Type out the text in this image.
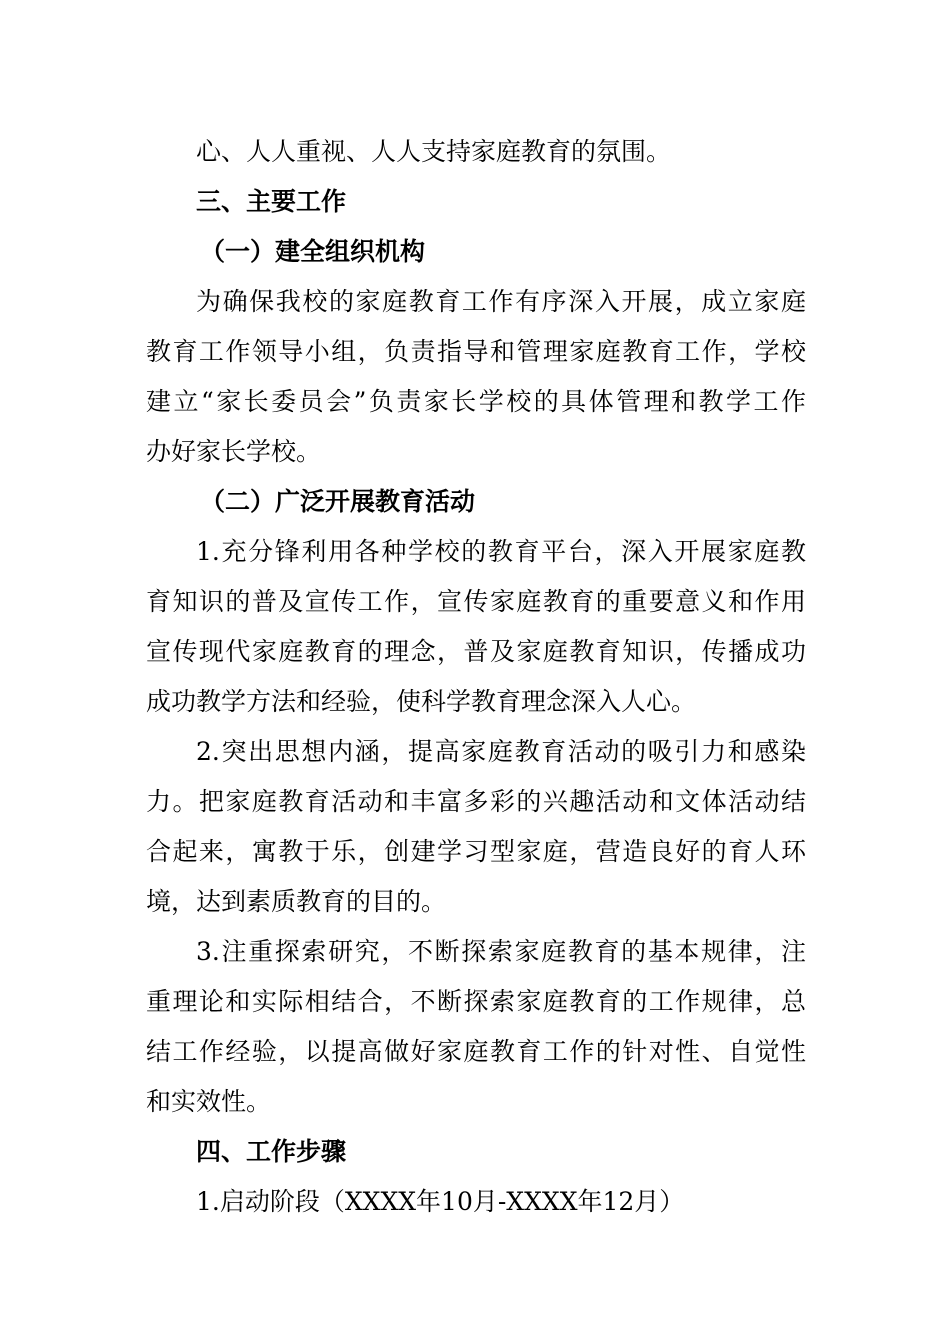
心、人人重视、人人支持家庭教育的氛围。
三、主要工作
（一）建全组织机构
为确保我校的家庭教育工作有序深入开展，成立家庭
教育工作领导小组，负责指导和管理家庭教育工作，学校
建立“家长委员会”负责家长学校的具体管理和教学工作
办好家长学校。
（二）广泛开展教育活动
1.充分锋利用各种学校的教育平台，深入开展家庭教
育知识的普及宣传工作，宣传家庭教育的重要意义和作用
宣传现代家庭教育的理念，普及家庭教育知识，传播成功
成功教学方法和经验，使科学教育理念深入人心。
2.突出思想内涵，提高家庭教育活动的吸引力和感染
力。把家庭教育活动和丰富多彩的兴趣活动和文体活动结
合起来，寓教于乐，创建学习型家庭，营造良好的育人环
境，达到素质教育的目的。
3.注重探索研究，不断探索家庭教育的基本规律，注
重理论和实际相结合，不断探索家庭教育的工作规律，总
结工作经验，以提高做好家庭教育工作的针对性、自觉性
和实效性。
四、工作步骤
1.启动阶段（XXXX年10月-XXXX年12月）
